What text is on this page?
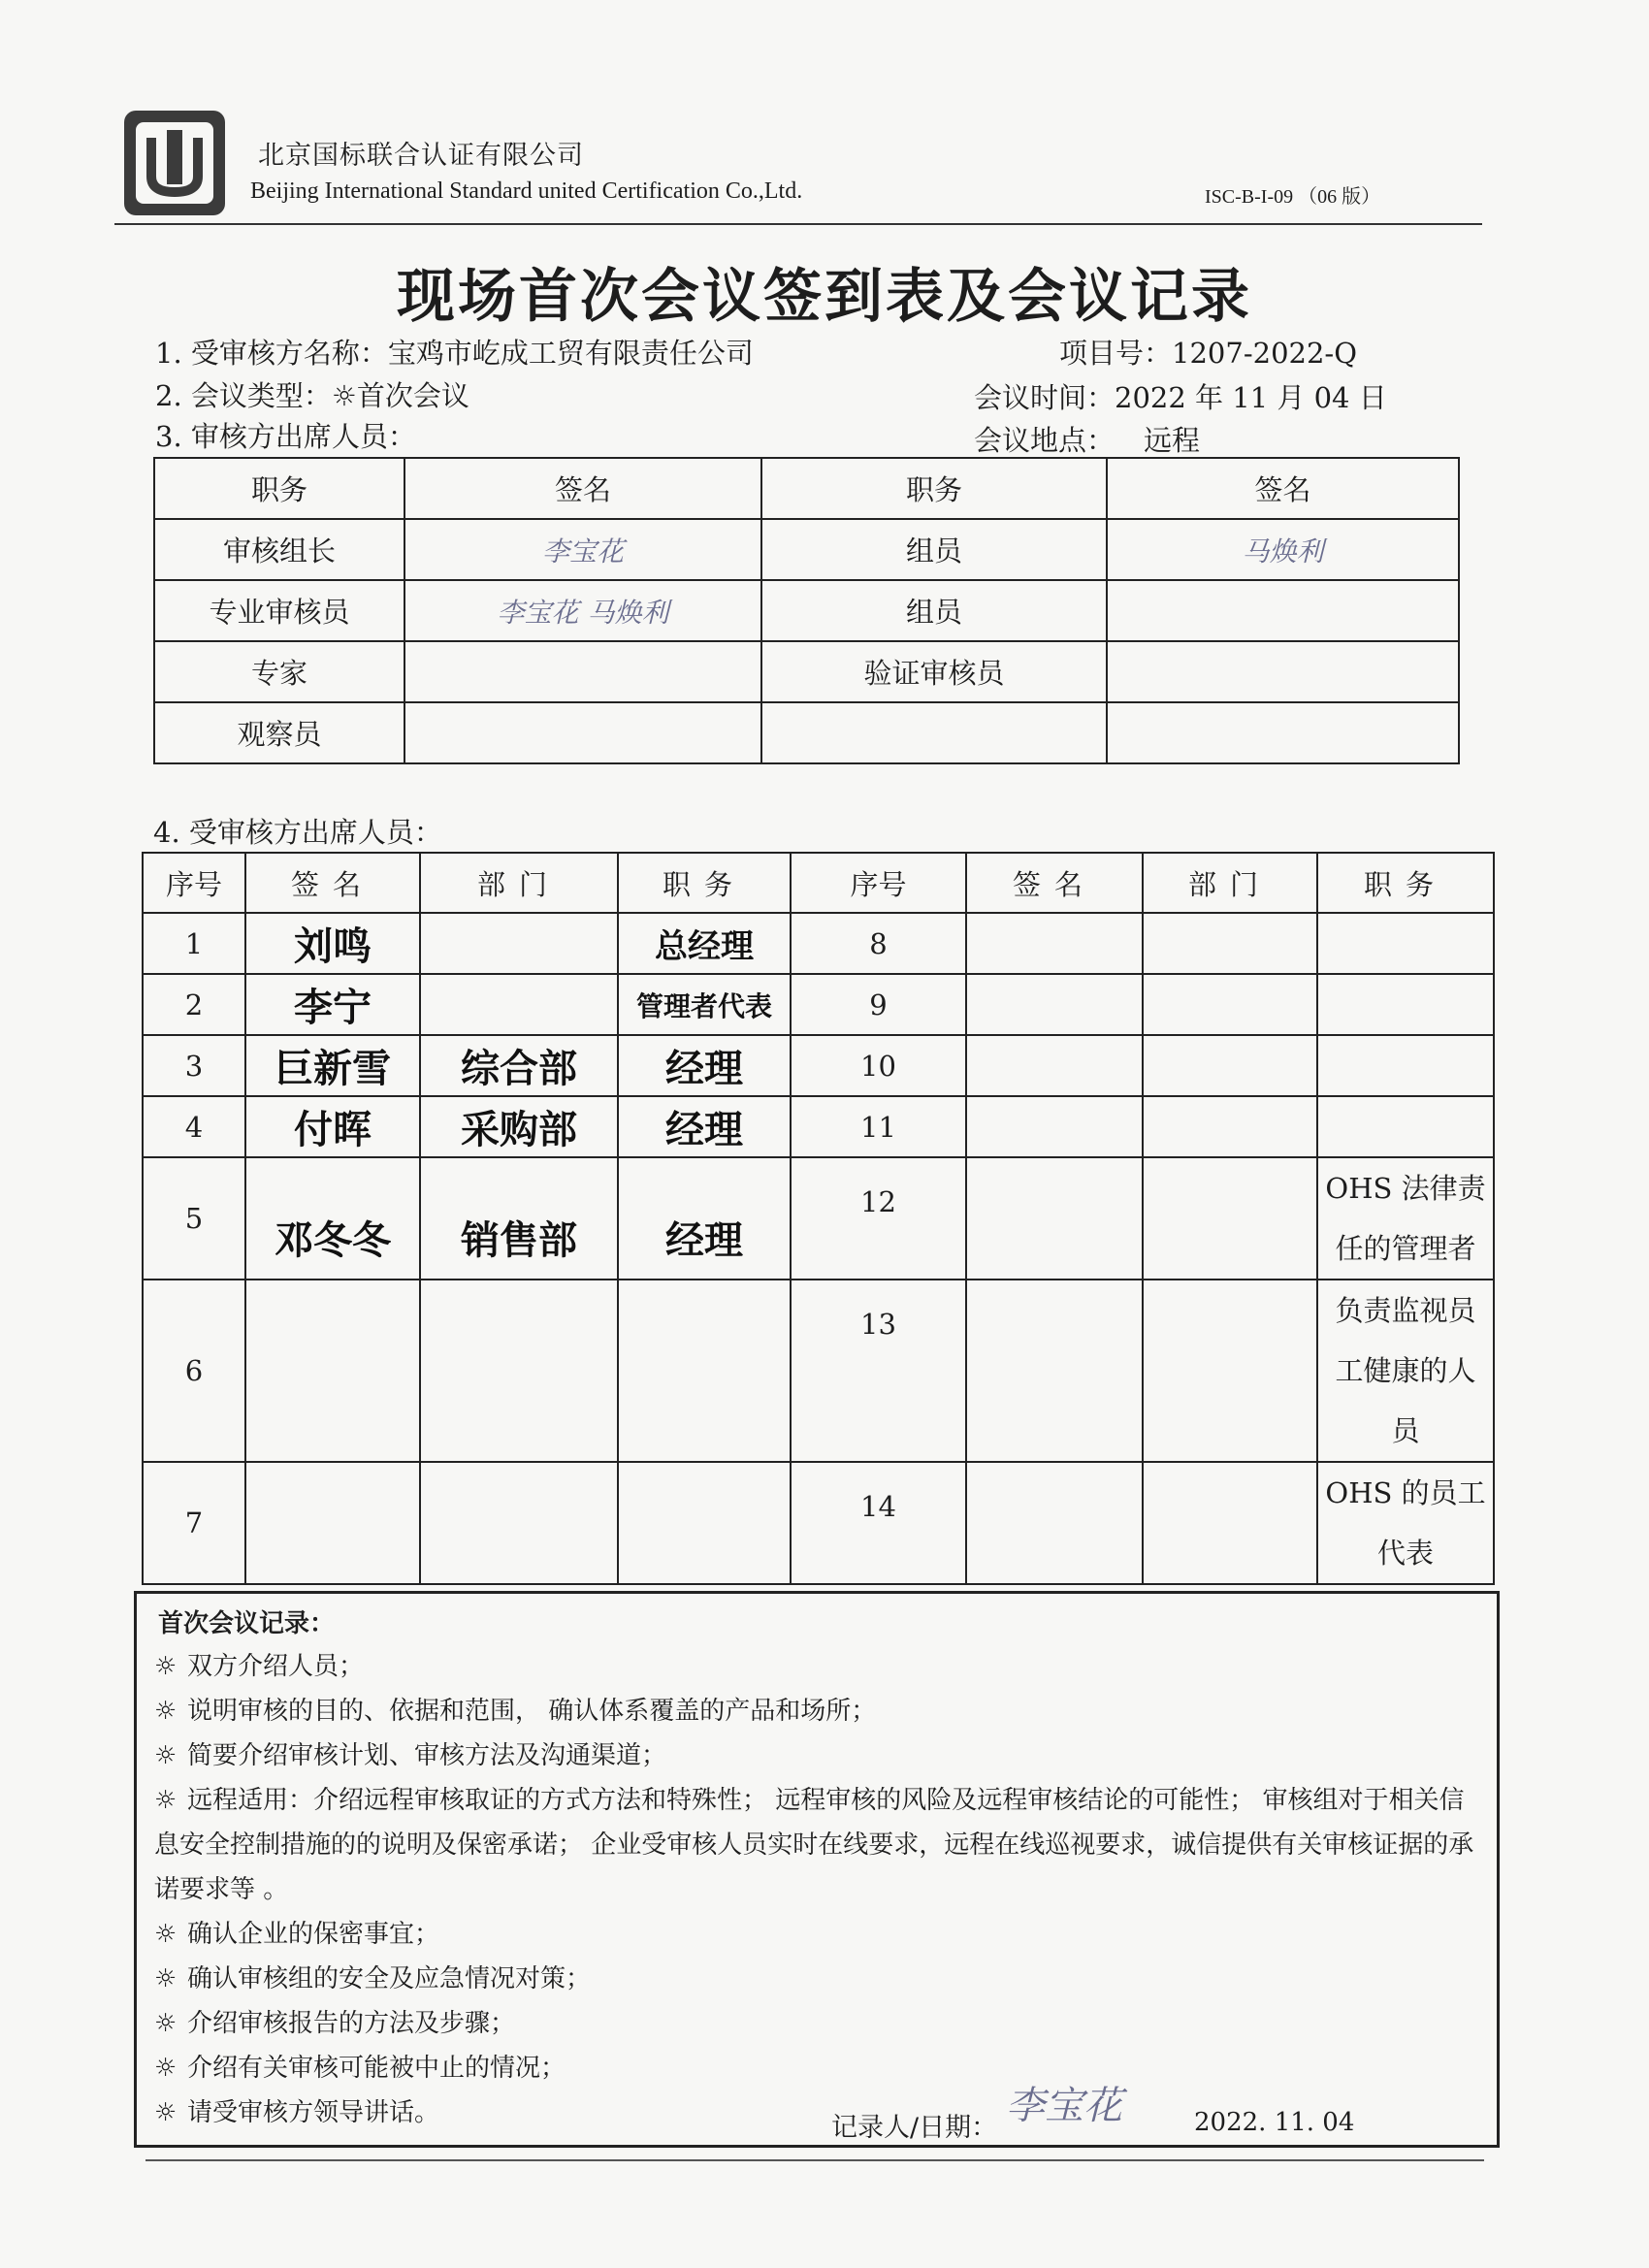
北京国标联合认证有限公司
Beijing International Standard united Certification Co.,Ltd.	ISC-B-I-09 （06 版）
现场首次会议签到表及会议记录
1. 受审核方名称：宝鸡市屹成工贸有限责任公司	项目号：1207-2022-Q
2. 会议类型：☼首次会议	会议时间：2022 年 11 月 04 日
3. 审核方出席人员：	会议地点： 远程
职务	签名	职务	签名
审核组长	李宝花	组员	马焕利
专业审核员	李宝花 马焕利	组员	
专家		验证审核员	
观察员			
4. 受审核方出席人员：
序号	签名	部门	职务	序号	签名	部门	职务
1	刘鸣		总经理	8			
2	李宁		管理者代表	9			
3	巨新雪	综合部	经理	10			
4	付晖	采购部	经理	11			
5	邓冬冬	销售部	经理	12			OHS 法律责任的管理者
6				13			负责监视员工健康的人员
7				14			OHS 的员工代表
首次会议记录：
☼ 双方介绍人员；
☼ 说明审核的目的、依据和范围， 确认体系覆盖的产品和场所；
☼ 简要介绍审核计划、审核方法及沟通渠道；
☼ 远程适用：介绍远程审核取证的方式方法和特殊性； 远程审核的风险及远程审核结论的可能性； 审核组对于相关信息安全控制措施的的说明及保密承诺； 企业受审核人员实时在线要求，远程在线巡视要求，诚信提供有关审核证据的承诺要求等 。
☼ 确认企业的保密事宜；
☼ 确认审核组的安全及应急情况对策；
☼ 介绍审核报告的方法及步骤；
☼ 介绍有关审核可能被中止的情况；
☼ 请受审核方领导讲话。	记录人/日期： 李宝花	2022. 11. 04
